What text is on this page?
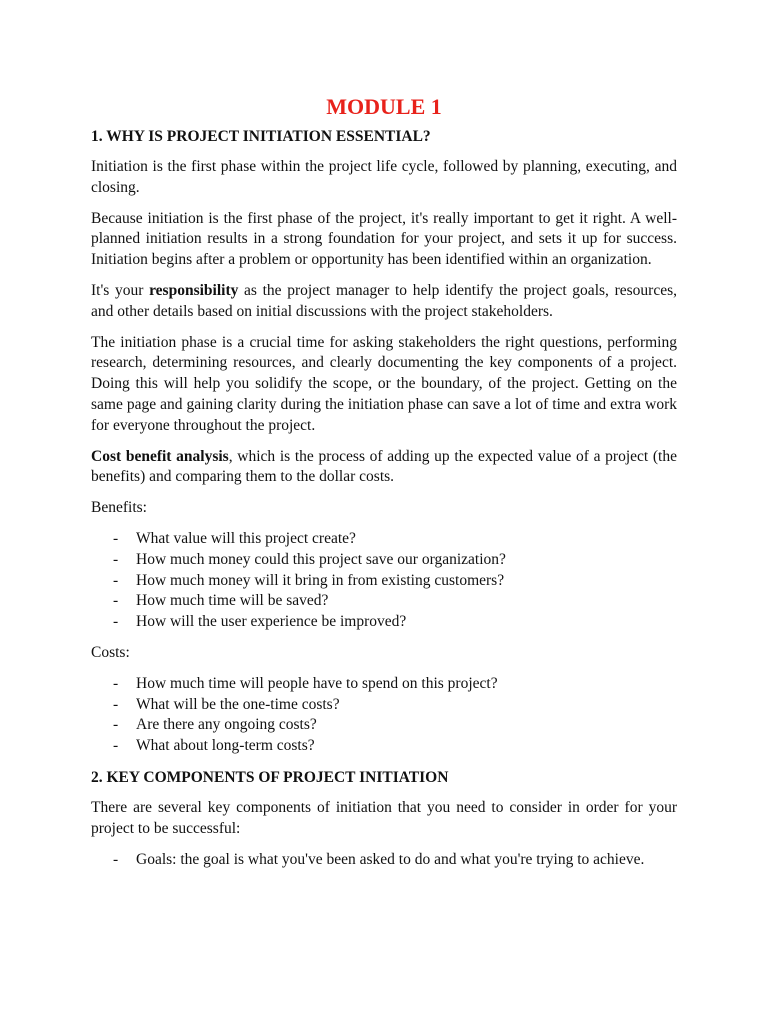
MODULE 1
1. WHY IS PROJECT INITIATION ESSENTIAL?

Initiation is the first phase within the project life cycle, followed by planning, executing, and closing.

Because initiation is the first phase of the project, it's really important to get it right. A well-planned initiation results in a strong foundation for your project, and sets it up for success. Initiation begins after a problem or opportunity has been identified within an organization.

It's your responsibility as the project manager to help identify the project goals, resources, and other details based on initial discussions with the project stakeholders.

The initiation phase is a crucial time for asking stakeholders the right questions, performing research, determining resources, and clearly documenting the key components of a project. Doing this will help you solidify the scope, or the boundary, of the project. Getting on the same page and gaining clarity during the initiation phase can save a lot of time and extra work for everyone throughout the project.

Cost benefit analysis, which is the process of adding up the expected value of a project (the benefits) and comparing them to the dollar costs.

Benefits:

- What value will this project create?
- How much money could this project save our organization?
- How much money will it bring in from existing customers?
- How much time will be saved?
- How will the user experience be improved?

Costs:

- How much time will people have to spend on this project?
- What will be the one-time costs?
- Are there any ongoing costs?
- What about long-term costs?
2. KEY COMPONENTS OF PROJECT INITIATION

There are several key components of initiation that you need to consider in order for your project to be successful:

- Goals: the goal is what you've been asked to do and what you're trying to achieve.
